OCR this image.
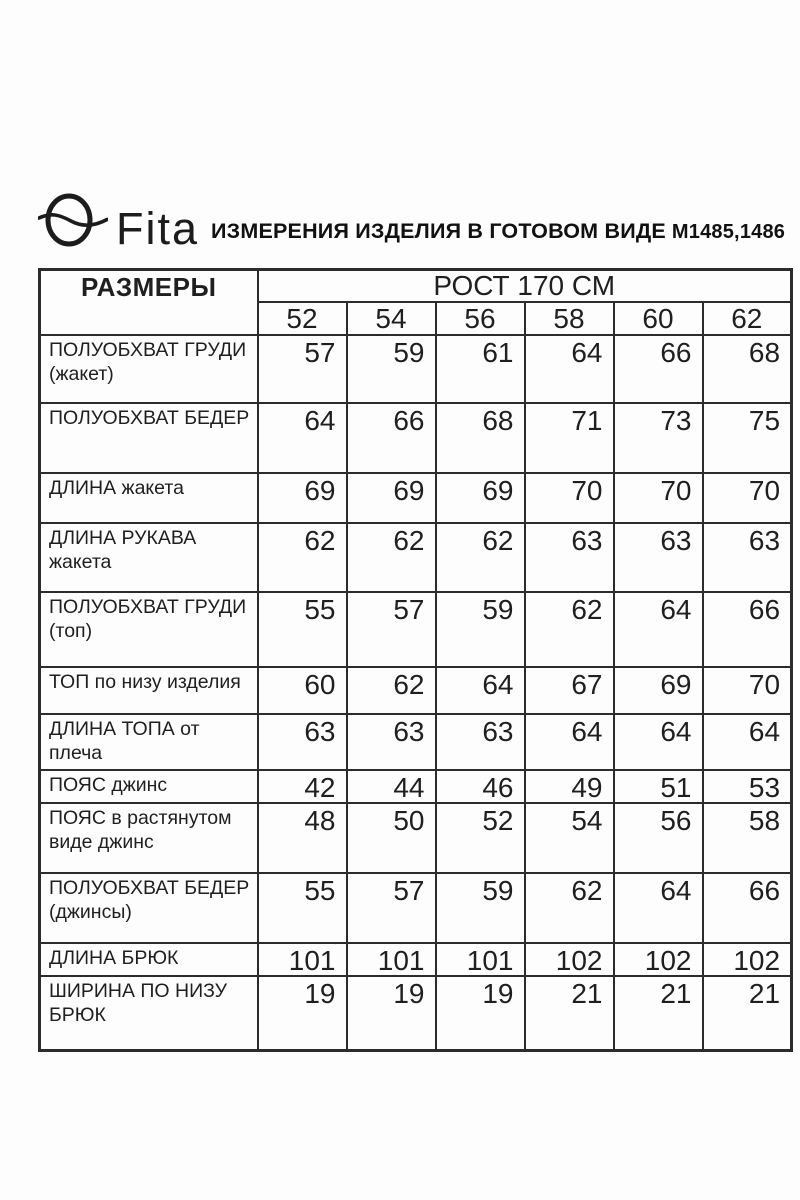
Fita ИЗМЕРЕНИЯ ИЗДЕЛИЯ В ГОТОВОМ ВИДЕ М1485,1486
РАЗМЕРЫ	РОСТ 170 СМ					
	52	54	56	58	60	62
ПОЛУОБХВАТ ГРУДИ (жакет)	57	59	61	64	66	68
ПОЛУОБХВАТ БЕДЕР	64	66	68	71	73	75
ДЛИНА жакета	69	69	69	70	70	70
ДЛИНА РУКАВА жакета	62	62	62	63	63	63
ПОЛУОБХВАТ ГРУДИ (топ)	55	57	59	62	64	66
ТОП по низу изделия	60	62	64	67	69	70
ДЛИНА ТОПА от плеча	63	63	63	64	64	64
ПОЯС джинс	42	44	46	49	51	53
ПОЯС в растянутом виде джинс	48	50	52	54	56	58
ПОЛУОБХВАТ БЕДЕР (джинсы)	55	57	59	62	64	66
ДЛИНА БРЮК	101	101	101	102	102	102
ШИРИНА ПО НИЗУ БРЮК	19	19	19	21	21	21
